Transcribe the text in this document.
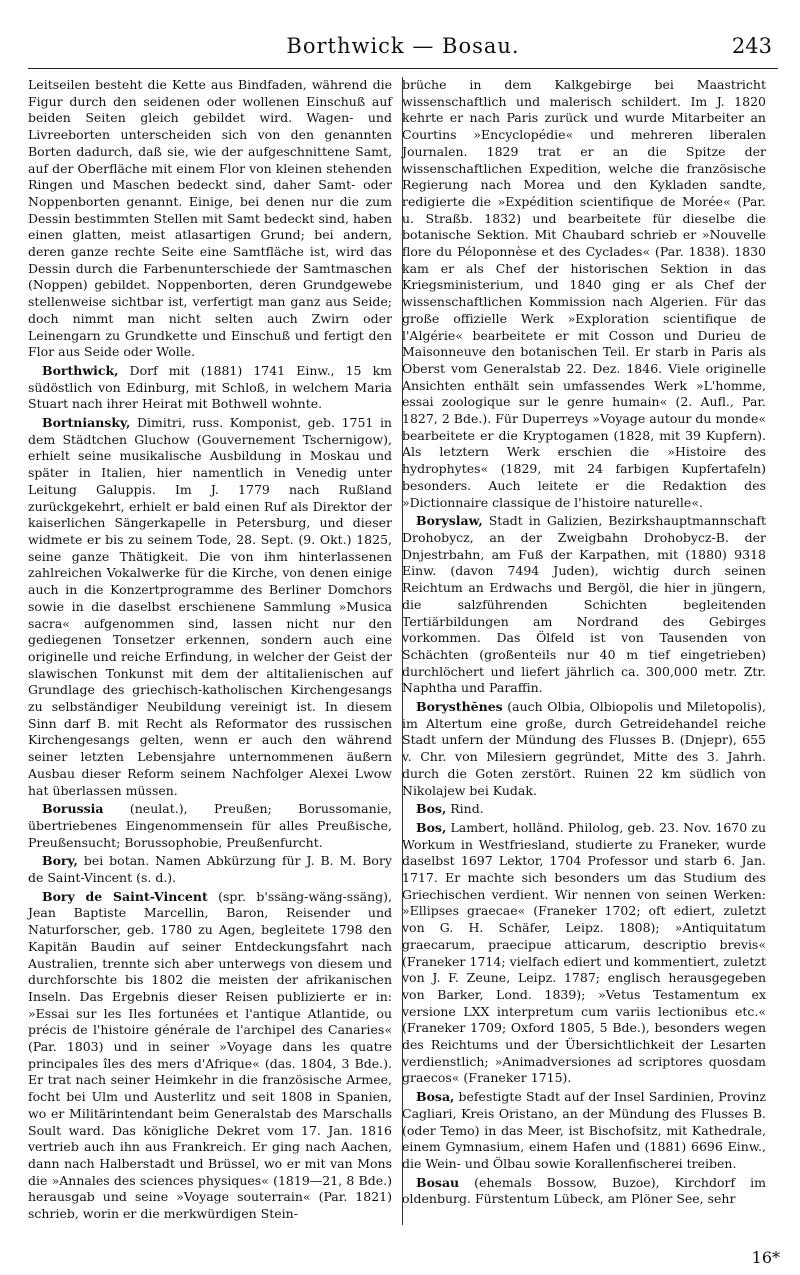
Borthwick — Bosau.	243

Leitseilen besteht die Kette aus Bindfaden, während die Figur durch den seidenen oder wollenen Einschuß auf beiden Seiten gleich gebildet wird. Wagen- und Livreeborten unterscheiden sich von den genannten Borten dadurch, daß sie, wie der aufgeschnittene Samt, auf der Oberfläche mit einem Flor von kleinen stehenden Ringen und Maschen bedeckt sind, daher Samt- oder Noppenborten genannt. Einige, bei denen nur die zum Dessin bestimmten Stellen mit Samt bedeckt sind, haben einen glatten, meist atlasartigen Grund; bei andern, deren ganze rechte Seite eine Samtfläche ist, wird das Dessin durch die Farbenunterschiede der Samtmaschen (Noppen) gebildet. Noppenborten, deren Grundgewebe stellenweise sichtbar ist, verfertigt man ganz aus Seide; doch nimmt man nicht selten auch Zwirn oder Leinengarn zu Grundkette und Einschuß und fertigt den Flor aus Seide oder Wolle.

Borthwick, Dorf mit (1881) 1741 Einw., 15 km südöstlich von Edinburg, mit Schloß, in welchem Maria Stuart nach ihrer Heirat mit Bothwell wohnte.

Bortniansky, Dimitri, russ. Komponist, geb. 1751 in dem Städtchen Gluchow (Gouvernement Tschernigow), erhielt seine musikalische Ausbildung in Moskau und später in Italien, hier namentlich in Venedig unter Leitung Galuppis. Im J. 1779 nach Rußland zurückgekehrt, erhielt er bald einen Ruf als Direktor der kaiserlichen Sängerkapelle in Petersburg, und dieser widmete er bis zu seinem Tode, 28. Sept. (9. Okt.) 1825, seine ganze Thätigkeit. Die von ihm hinterlassenen zahlreichen Vokalwerke für die Kirche, von denen einige auch in die Konzertprogramme des Berliner Domchors sowie in die daselbst erschienene Sammlung »Musica sacra« aufgenommen sind, lassen nicht nur den gediegenen Tonsetzer erkennen, sondern auch eine originelle und reiche Erfindung, in welcher der Geist der slawischen Tonkunst mit dem der altitalienischen auf Grundlage des griechisch-katholischen Kirchengesangs zu selbständiger Neubildung vereinigt ist. In diesem Sinn darf B. mit Recht als Reformator des russischen Kirchengesangs gelten, wenn er auch den während seiner letzten Lebensjahre unternommenen äußern Ausbau dieser Reform seinem Nachfolger Alexei Lwow hat überlassen müssen.

Borussia (neulat.), Preußen; Borussomanie, übertriebenes Eingenommensein für alles Preußische, Preußensucht; Borussophobie, Preußenfurcht.

Bory, bei botan. Namen Abkürzung für J. B. M. Bory de Saint-Vincent (s. d.).

Bory de Saint-Vincent (spr. b'ssäng-wäng-ssäng), Jean Baptiste Marcellin, Baron, Reisender und Naturforscher, geb. 1780 zu Agen, begleitete 1798 den Kapitän Baudin auf seiner Entdeckungsfahrt nach Australien, trennte sich aber unterwegs von diesem und durchforschte bis 1802 die meisten der afrikanischen Inseln. Das Ergebnis dieser Reisen publizierte er in: »Essai sur les Iles fortunées et l'antique Atlantide, ou précis de l'histoire générale de l'archipel des Canaries« (Par. 1803) und in seiner »Voyage dans les quatre principales îles des mers d'Afrique« (das. 1804, 3 Bde.). Er trat nach seiner Heimkehr in die französische Armee, focht bei Ulm und Austerlitz und seit 1808 in Spanien, wo er Militärintendant beim Generalstab des Marschalls Soult ward. Das königliche Dekret vom 17. Jan. 1816 vertrieb auch ihn aus Frankreich. Er ging nach Aachen, dann nach Halberstadt und Brüssel, wo er mit van Mons die »Annales des sciences physiques« (1819—21, 8 Bde.) herausgab und seine »Voyage souterrain« (Par. 1821) schrieb, worin er die merkwürdigen Stein-

brüche in dem Kalkgebirge bei Maastricht wissenschaftlich und malerisch schildert. Im J. 1820 kehrte er nach Paris zurück und wurde Mitarbeiter an Courtins »Encyclopédie« und mehreren liberalen Journalen. 1829 trat er an die Spitze der wissenschaftlichen Expedition, welche die französische Regierung nach Morea und den Kykladen sandte, redigierte die »Expédition scientifique de Morée« (Par. u. Straßb. 1832) und bearbeitete für dieselbe die botanische Sektion. Mit Chaubard schrieb er »Nouvelle flore du Péloponnèse et des Cyclades« (Par. 1838). 1830 kam er als Chef der historischen Sektion in das Kriegsministerium, und 1840 ging er als Chef der wissenschaftlichen Kommission nach Algerien. Für das große offizielle Werk »Exploration scientifique de l'Algérie« bearbeitete er mit Cosson und Durieu de Maisonneuve den botanischen Teil. Er starb in Paris als Oberst vom Generalstab 22. Dez. 1846. Viele originelle Ansichten enthält sein umfassendes Werk »L'homme, essai zoologique sur le genre humain« (2. Aufl., Par. 1827, 2 Bde.). Für Duperreys »Voyage autour du monde« bearbeitete er die Kryptogamen (1828, mit 39 Kupfern). Als letztern Werk erschien die »Histoire des hydrophytes« (1829, mit 24 farbigen Kupfertafeln) besonders. Auch leitete er die Redaktion des »Dictionnaire classique de l'histoire naturelle«.

Boryslaw, Stadt in Galizien, Bezirkshauptmannschaft Drohobycz, an der Zweigbahn Drohobycz-B. der Dnjestrbahn, am Fuß der Karpathen, mit (1880) 9318 Einw. (davon 7494 Juden), wichtig durch seinen Reichtum an Erdwachs und Bergöl, die hier in jüngern, die salzführenden Schichten begleitenden Tertiärbildungen am Nordrand des Gebirges vorkommen. Das Ölfeld ist von Tausenden von Schächten (großenteils nur 40 m tief eingetrieben) durchlöchert und liefert jährlich ca. 300,000 metr. Ztr. Naphtha und Paraffin.

Borysthĕnes (auch Olbia, Olbiopolis und Miletopolis), im Altertum eine große, durch Getreidehandel reiche Stadt unfern der Mündung des Flusses B. (Dnjepr), 655 v. Chr. von Milesiern gegründet, Mitte des 3. Jahrh. durch die Goten zerstört. Ruinen 22 km südlich von Nikolajew bei Kudak.

Bos, Rind.

Bos, Lambert, holländ. Philolog, geb. 23. Nov. 1670 zu Workum in Westfriesland, studierte zu Franeker, wurde daselbst 1697 Lektor, 1704 Professor und starb 6. Jan. 1717. Er machte sich besonders um das Studium des Griechischen verdient. Wir nennen von seinen Werken: »Ellipses graecae« (Franeker 1702; oft ediert, zuletzt von G. H. Schäfer, Leipz. 1808); »Antiquitatum graecarum, praecipue atticarum, descriptio brevis« (Franeker 1714; vielfach ediert und kommentiert, zuletzt von J. F. Zeune, Leipz. 1787; englisch herausgegeben von Barker, Lond. 1839); »Vetus Testamentum ex versione LXX interpretum cum variis lectionibus etc.« (Franeker 1709; Oxford 1805, 5 Bde.), besonders wegen des Reichtums und der Übersichtlichkeit der Lesarten verdienstlich; »Animadversiones ad scriptores quosdam graecos« (Franeker 1715).

Bosa, befestigte Stadt auf der Insel Sardinien, Provinz Cagliari, Kreis Oristano, an der Mündung des Flusses B. (oder Temo) in das Meer, ist Bischofsitz, mit Kathedrale, einem Gymnasium, einem Hafen und (1881) 6696 Einw., die Wein- und Ölbau sowie Korallenfischerei treiben.

Bosau (ehemals Bossow, Buzoe), Kirchdorf im oldenburg. Fürstentum Lübeck, am Plöner See, sehr

16*
